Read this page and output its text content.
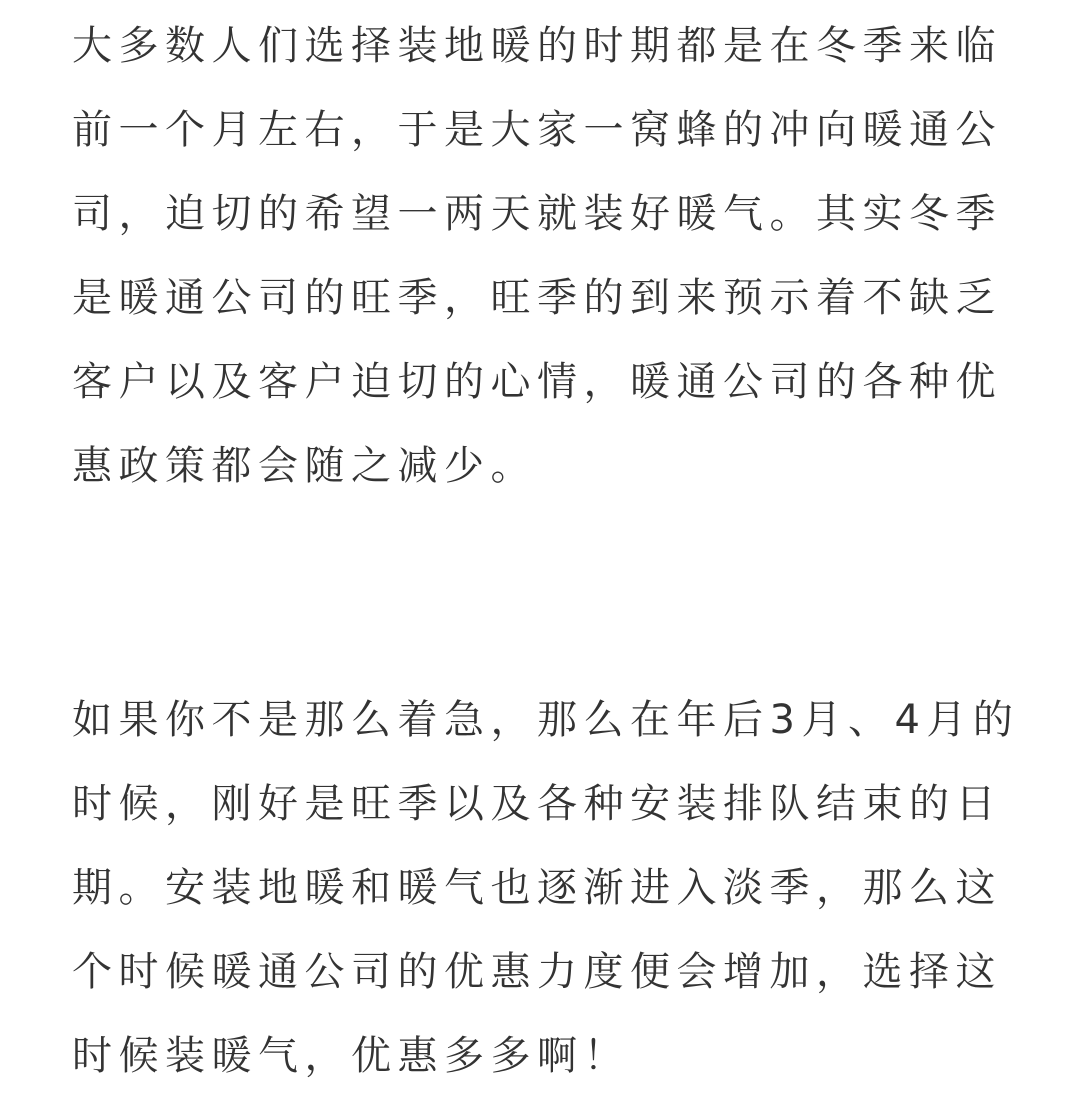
大多数人们选择装地暖的时期都是在冬季来临
前一个月左右，于是大家一窝蜂的冲向暖通公
司，迫切的希望一两天就装好暖气。其实冬季
是暖通公司的旺季，旺季的到来预示着不缺乏
客户以及客户迫切的心情，暖通公司的各种优
惠政策都会随之减少。
如果你不是那么着急，那么在年后3月、4月的
时候，刚好是旺季以及各种安装排队结束的日
期。安装地暖和暖气也逐渐进入淡季，那么这
个时候暖通公司的优惠力度便会增加，选择这
时候装暖气，优惠多多啊！
